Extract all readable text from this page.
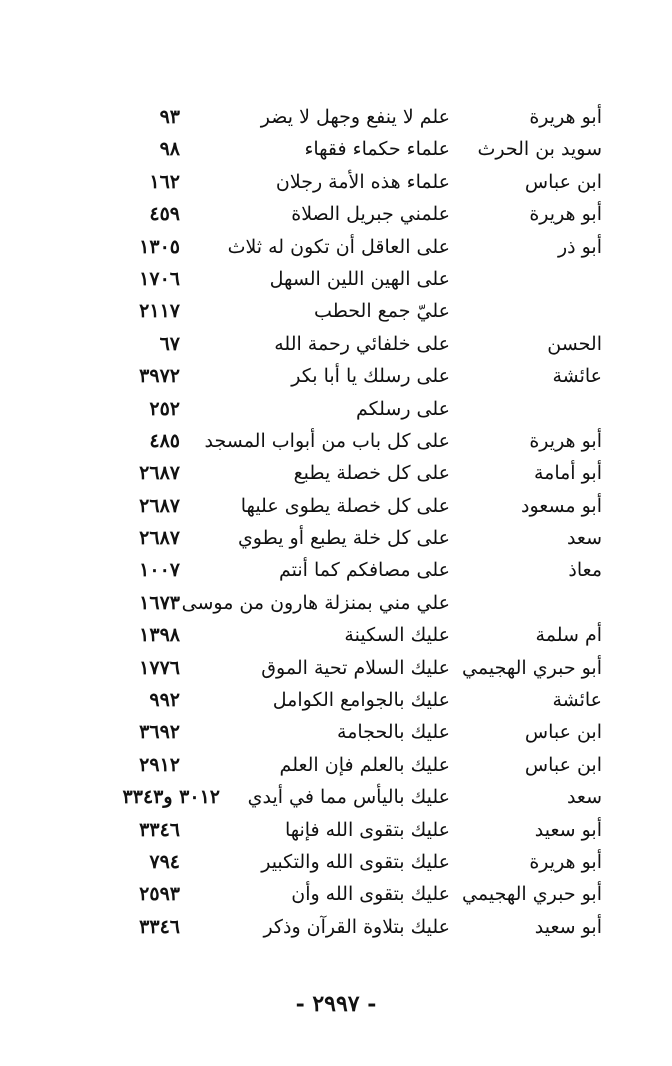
أبو هريرة
علم لا ينفع وجهل لا يضر
٩٣
سويد بن الحرث
علماء حكماء فقهاء
٩٨
ابن عباس
علماء هذه الأمة رجلان
١٦٢
أبو هريرة
علمني جبريل الصلاة
٤٥٩
أبو ذر
على العاقل أن تكون له ثلاث
١٣٠٥
على الهين اللين السهل
١٧٠٦
عليّ جمع الحطب
٢١١٧
الحسن
على خلفائي رحمة الله
٦٧
عائشة
على رسلك يا أبا بكر
٣٩٧٢
على رسلكم
٢٥٢
أبو هريرة
على كل باب من أبواب المسجد
٤٨٥
أبو أمامة
على كل خصلة يطبع
٢٦٨٧
أبو مسعود
على كل خصلة يطوى عليها
٢٦٨٧
سعد
على كل خلة يطبع أو يطوي
٢٦٨٧
معاذ
على مصافكم كما أنتم
١٠٠٧
علي مني بمنزلة هارون من موسى
١٦٧٣
أم سلمة
عليك السكينة
١٣٩٨
أبو حبري الهجيمي
عليك السلام تحية الموق
١٧٧٦
عائشة
عليك بالجوامع الكوامل
٩٩٢
ابن عباس
عليك بالحجامة
٣٦٩٢
ابن عباس
عليك بالعلم فإن العلم
٢٩١٢
سعد
عليك باليأس مما في أيدي
٣٠١٢ و٣٣٤٣
أبو سعيد
عليك بتقوى الله فإنها
٣٣٤٦
أبو هريرة
عليك بتقوى الله والتكبير
٧٩٤
أبو حبري الهجيمي
عليك بتقوى الله وأن
٢٥٩٣
أبو سعيد
عليك بتلاوة القرآن وذكر
٣٣٤٦
- ٢٩٩٧ -
